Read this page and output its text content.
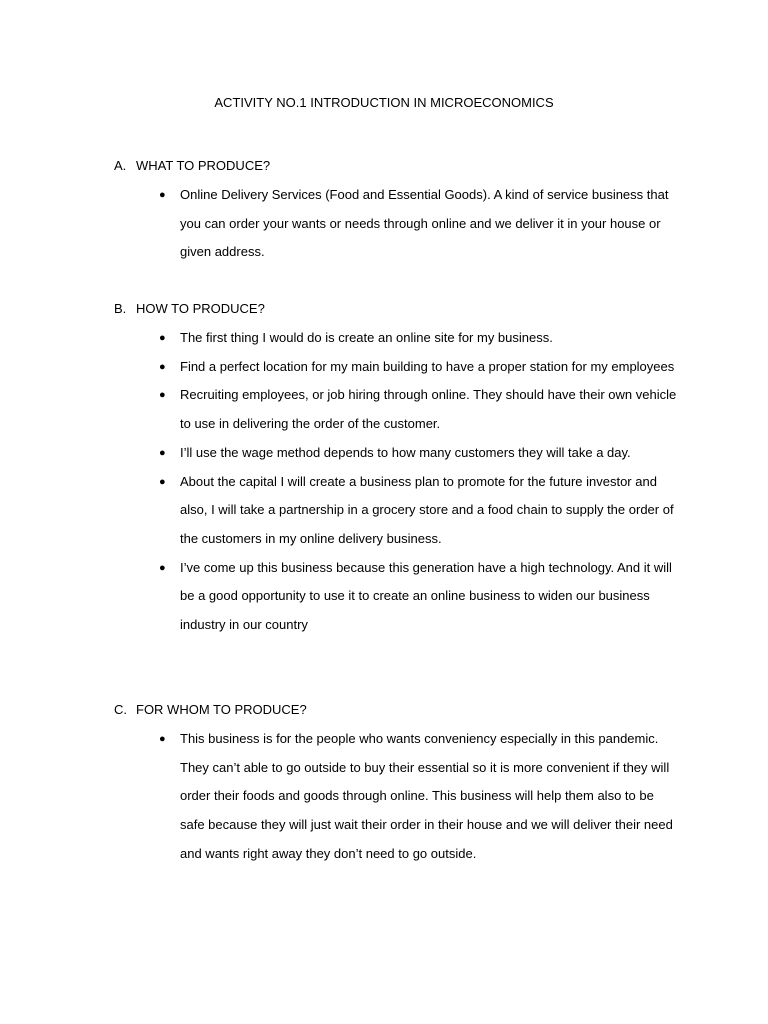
ACTIVITY NO.1 INTRODUCTION IN MICROECONOMICS
A. WHAT TO PRODUCE?
● Online Delivery Services (Food and Essential Goods). A kind of service business that you can order your wants or needs through online and we deliver it in your house or given address.
B. HOW TO PRODUCE?
● The first thing I would do is create an online site for my business.
● Find a perfect location for my main building to have a proper station for my employees
● Recruiting employees, or job hiring through online. They should have their own vehicle to use in delivering the order of the customer.
● I’ll use the wage method depends to how many customers they will take a day.
● About the capital I will create a business plan to promote for the future investor and also, I will take a partnership in a grocery store and a food chain to supply the order of the customers in my online delivery business.
● I’ve come up this business because this generation have a high technology. And it will be a good opportunity to use it to create an online business to widen our business industry in our country
C. FOR WHOM TO PRODUCE?
● This business is for the people who wants conveniency especially in this pandemic. They can’t able to go outside to buy their essential so it is more convenient if they will order their foods and goods through online. This business will help them also to be safe because they will just wait their order in their house and we will deliver their need and wants right away they don’t need to go outside.
